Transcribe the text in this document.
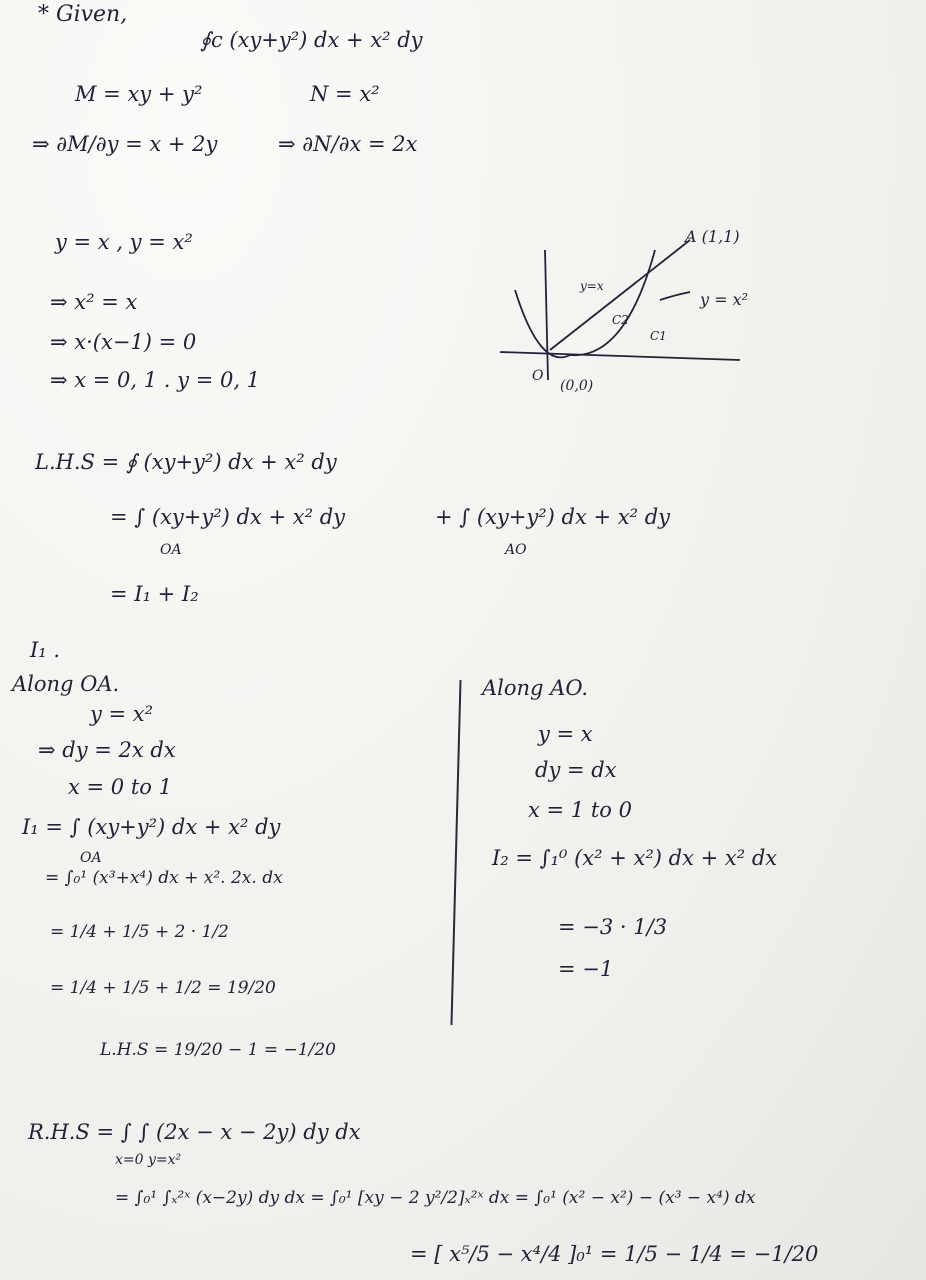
* Given,
∮c (xy+y²) dx + x² dy
M = xy + y²	N = x²
⇒ ∂M/∂y = x + 2y	⇒ ∂N/∂x = 2x
y = x , y = x²
⇒ x² = x
⇒ x·(x−1) = 0
⇒ x = 0, 1 . y = 0, 1
A (1,1)
y=x
y = x²
C1
C2
O
(0,0)
L.H.S = ∮ (xy+y²) dx + x² dy
= ∫ (xy+y²) dx + x² dy
OA
+ ∫ (xy+y²) dx + x² dy
AO
= I₁ + I₂
I₁ .
Along OA.
y = x²
⇒ dy = 2x dx
x = 0 to 1
I₁ = ∫ (xy+y²) dx + x² dy
OA
= ∫₀¹ (x³+x⁴) dx + x². 2x. dx
= 1/4 + 1/5 + 2 · 1/2
= 1/4 + 1/5 + 1/2 = 19/20
L.H.S = 19/20 − 1 = −1/20
Along AO.
y = x
dy = dx
x = 1 to 0
I₂ = ∫₁⁰ (x² + x²) dx + x² dx
= −3 · 1/3
= −1
R.H.S = ∫ ∫ (2x − x − 2y) dy dx
x=0 y=x²
= ∫₀¹ ∫ₓ²ˣ (x−2y) dy dx = ∫₀¹ [xy − 2 y²/2]ₓ²ˣ dx = ∫₀¹ (x² − x²) − (x³ − x⁴) dx
= [ x⁵/5 − x⁴/4 ]₀¹ = 1/5 − 1/4 = −1/20
